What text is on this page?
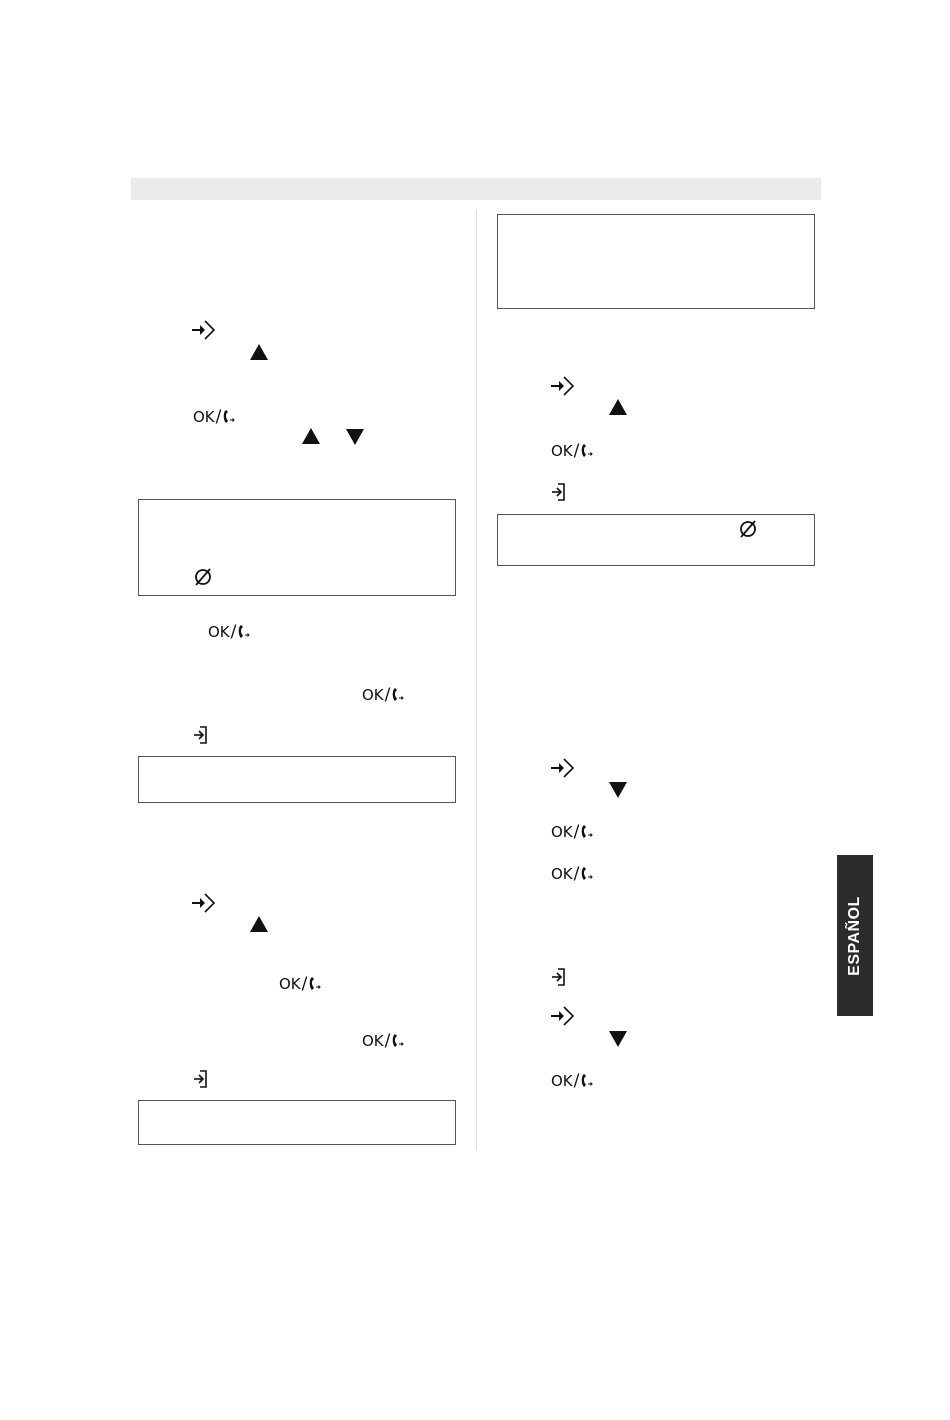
OK/
OK/
OK/
OK/
OK/
OK/
OK/
OK/
OK/
ESPAÑOL
